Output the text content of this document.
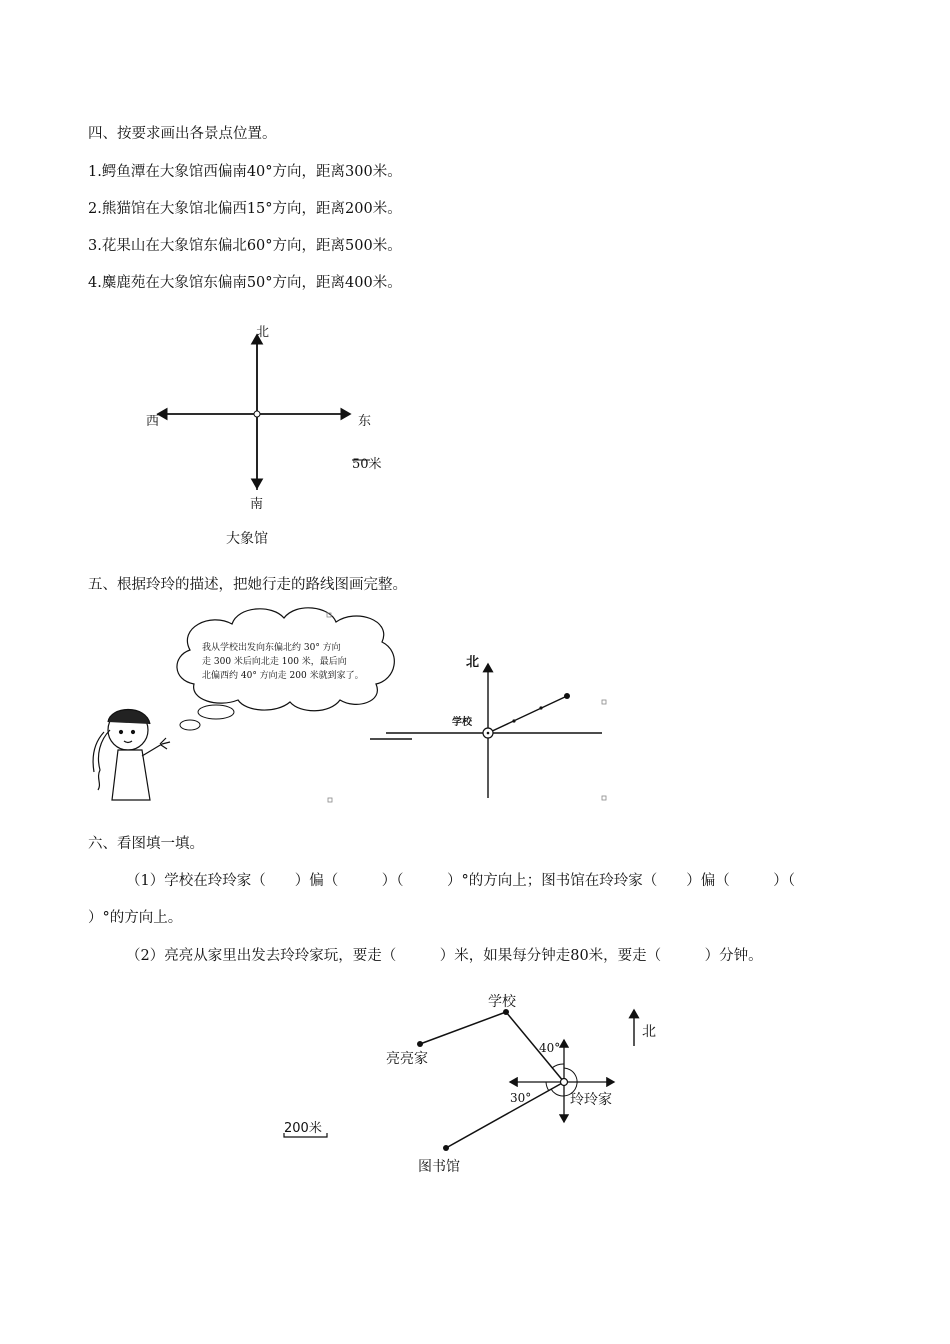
四、按要求画出各景点位置。
1.鳄鱼潭在大象馆西偏南40°方向，距离300米。
2.熊猫馆在大象馆北偏西15°方向，距离200米。
3.花果山在大象馆东偏北60°方向，距离500米。
4.麋鹿苑在大象馆东偏南50°方向，距离400米。
北
西	东
南
50米
大象馆
五、根据玲玲的描述，把她行走的路线图画完整。
我从学校出发向东偏北约 30° 方向
走 300 米后向北走 100 米，最后向
北偏西约 40° 方向走 200 米就到家了。
北
学校
六、看图填一填。
（1）学校在玲玲家（　　）偏（　　　）（　　　）°的方向上；图书馆在玲玲家（　　）偏（　　　）（
）°的方向上。
（2）亮亮从家里出发去玲玲家玩，要走（　　　）米，如果每分钟走80米，要走（　　　）分钟。
学校
亮亮家
玲玲家
图书馆
40°
30°
北
200米
